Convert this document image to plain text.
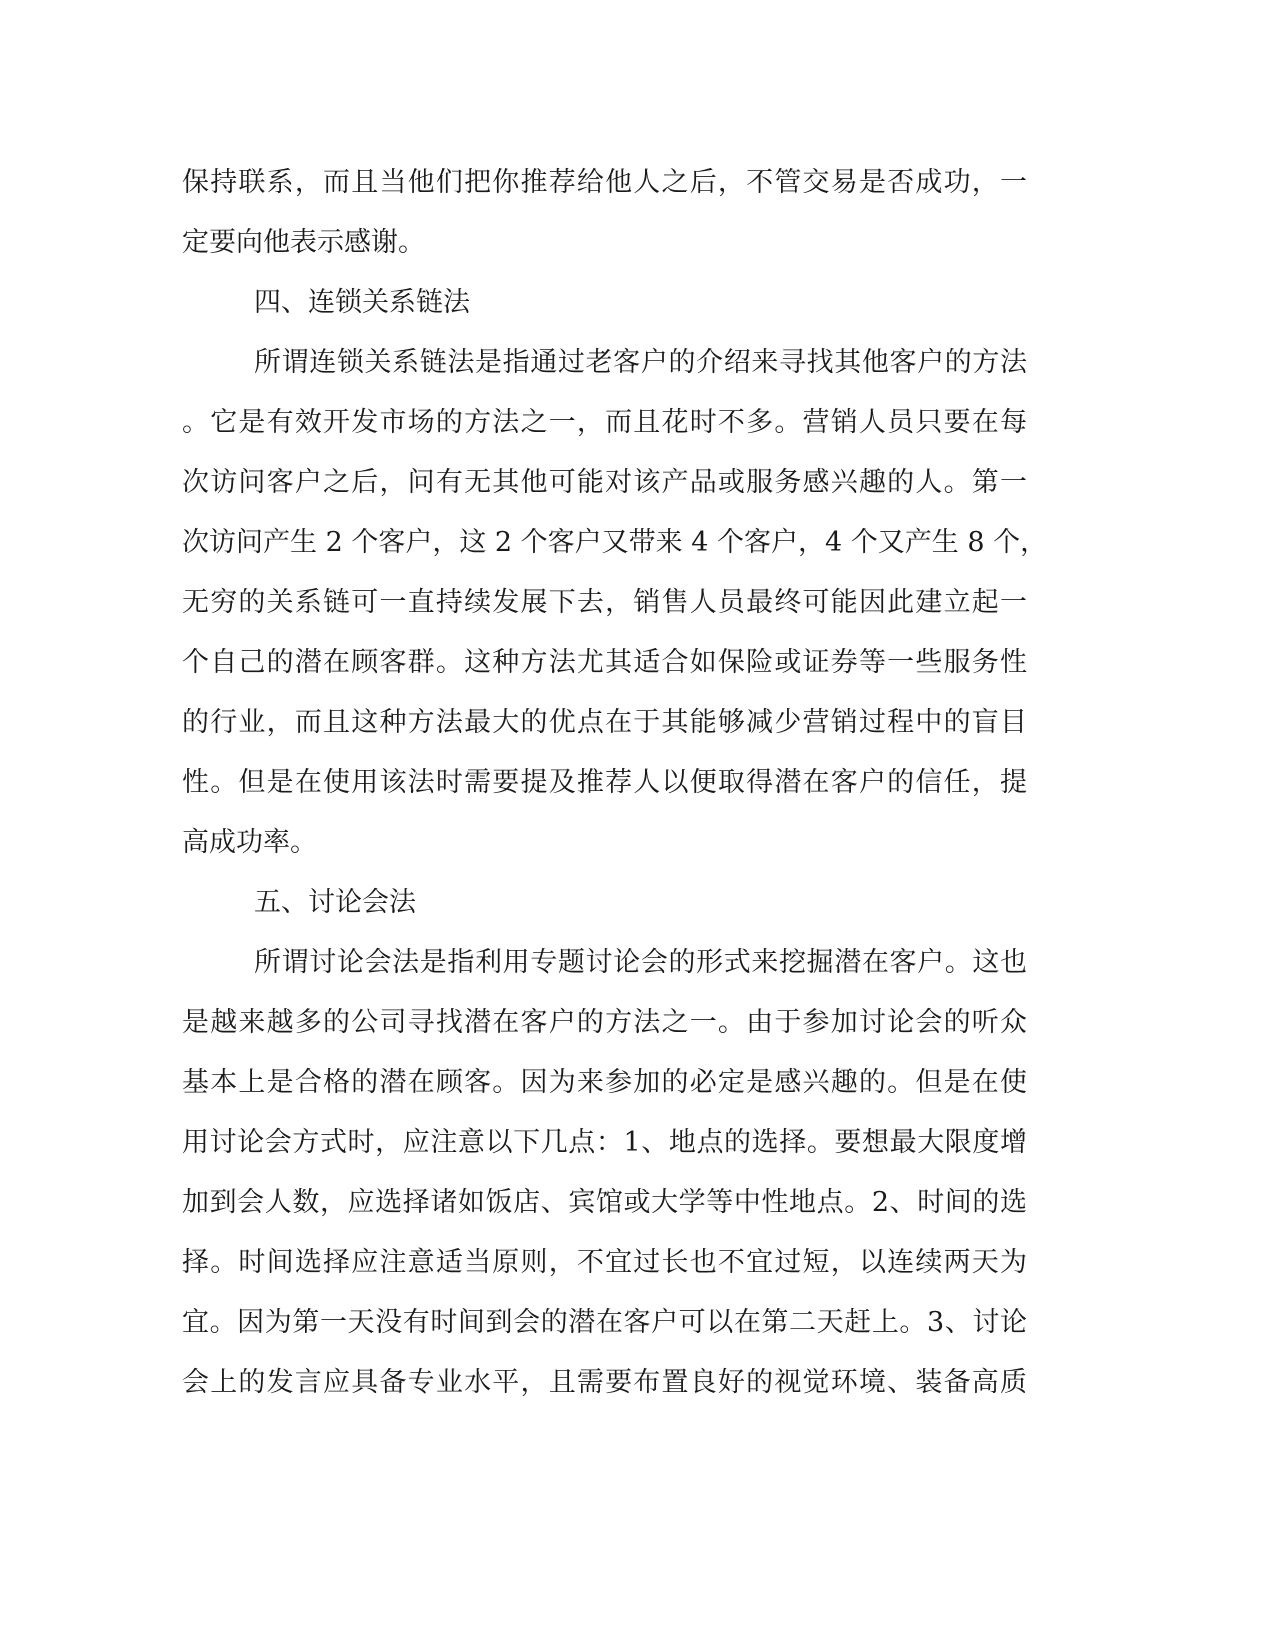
保持联系，而且当他们把你推荐给他人之后，不管交易是否成功，一
定要向他表示感谢。
四、连锁关系链法
所谓连锁关系链法是指通过老客户的介绍来寻找其他客户的方法
。它是有效开发市场的方法之一，而且花时不多。营销人员只要在每
次访问客户之后，问有无其他可能对该产品或服务感兴趣的人。第一
次访问产生 2 个客户，这 2 个客户又带来 4 个客户，4 个又产生 8 个，
无穷的关系链可一直持续发展下去，销售人员最终可能因此建立起一
个自己的潜在顾客群。这种方法尤其适合如保险或证券等一些服务性
的行业，而且这种方法最大的优点在于其能够减少营销过程中的盲目
性。但是在使用该法时需要提及推荐人以便取得潜在客户的信任，提
高成功率。
五、讨论会法
所谓讨论会法是指利用专题讨论会的形式来挖掘潜在客户。这也
是越来越多的公司寻找潜在客户的方法之一。由于参加讨论会的听众
基本上是合格的潜在顾客。因为来参加的必定是感兴趣的。但是在使
用讨论会方式时，应注意以下几点：1、地点的选择。要想最大限度增
加到会人数，应选择诸如饭店、宾馆或大学等中性地点。2、时间的选
择。时间选择应注意适当原则，不宜过长也不宜过短，以连续两天为
宜。因为第一天没有时间到会的潜在客户可以在第二天赶上。3、讨论
会上的发言应具备专业水平，且需要布置良好的视觉环境、装备高质
